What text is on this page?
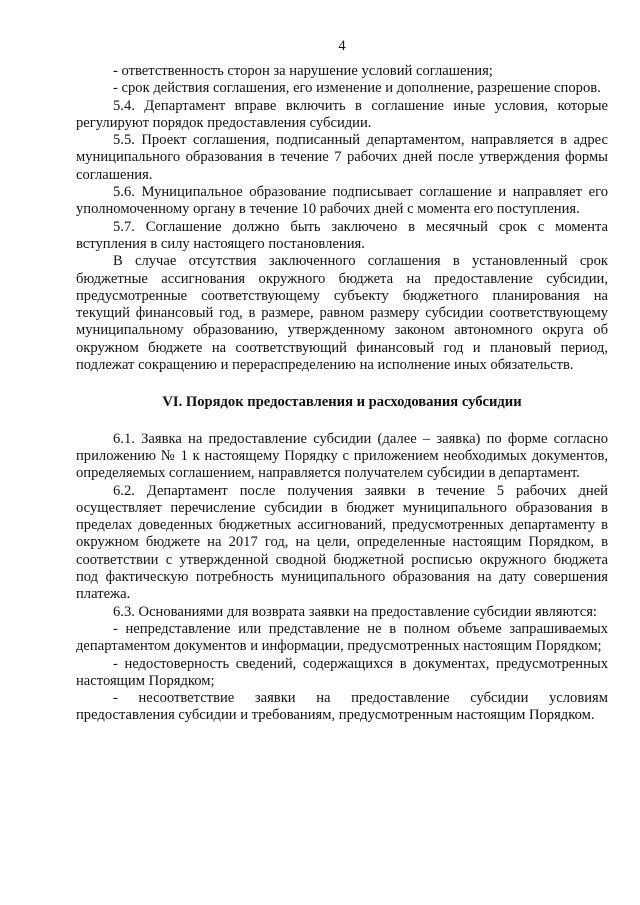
4

- ответственность сторон за нарушение условий соглашения;

- срок действия соглашения, его изменение и дополнение, разрешение споров.

5.4. Департамент вправе включить в соглашение иные условия, которые регулируют порядок предоставления субсидии.

5.5. Проект соглашения, подписанный департаментом, направляется в адрес муниципального образования в течение 7 рабочих дней после утверждения формы соглашения.

5.6. Муниципальное образование подписывает соглашение и направляет его уполномоченному органу в течение 10 рабочих дней с момента его поступления.

5.7. Соглашение должно быть заключено в месячный срок с момента вступления в силу настоящего постановления.

В случае отсутствия заключенного соглашения в установленный срок бюджетные ассигнования окружного бюджета на предоставление субсидии, предусмотренные соответствующему субъекту бюджетного планирования на текущий финансовый год, в размере, равном размеру субсидии соответствующему муниципальному образованию, утвержденному законом автономного округа об окружном бюджете на соответствующий финансовый год и плановый период, подлежат сокращению и перераспределению на исполнение иных обязательств.

VI. Порядок предоставления и расходования субсидии

6.1. Заявка на предоставление субсидии (далее – заявка) по форме согласно приложению № 1 к настоящему Порядку с приложением необходимых документов, определяемых соглашением, направляется получателем субсидии в департамент.

6.2. Департамент после получения заявки в течение 5 рабочих дней осуществляет перечисление субсидии в бюджет муниципального образования в пределах доведенных бюджетных ассигнований, предусмотренных департаменту в окружном бюджете на 2017 год, на цели, определенные настоящим Порядком, в соответствии с утвержденной сводной бюджетной росписью окружного бюджета под фактическую потребность муниципального образования на дату совершения платежа.

6.3. Основаниями для возврата заявки на предоставление субсидии являются:

- непредставление или представление не в полном объеме запрашиваемых департаментом документов и информации, предусмотренных настоящим Порядком;

- недостоверность сведений, содержащихся в документах, предусмотренных настоящим Порядком;

- несоответствие заявки на предоставление субсидии условиям предоставления субсидии и требованиям, предусмотренным настоящим Порядком.
